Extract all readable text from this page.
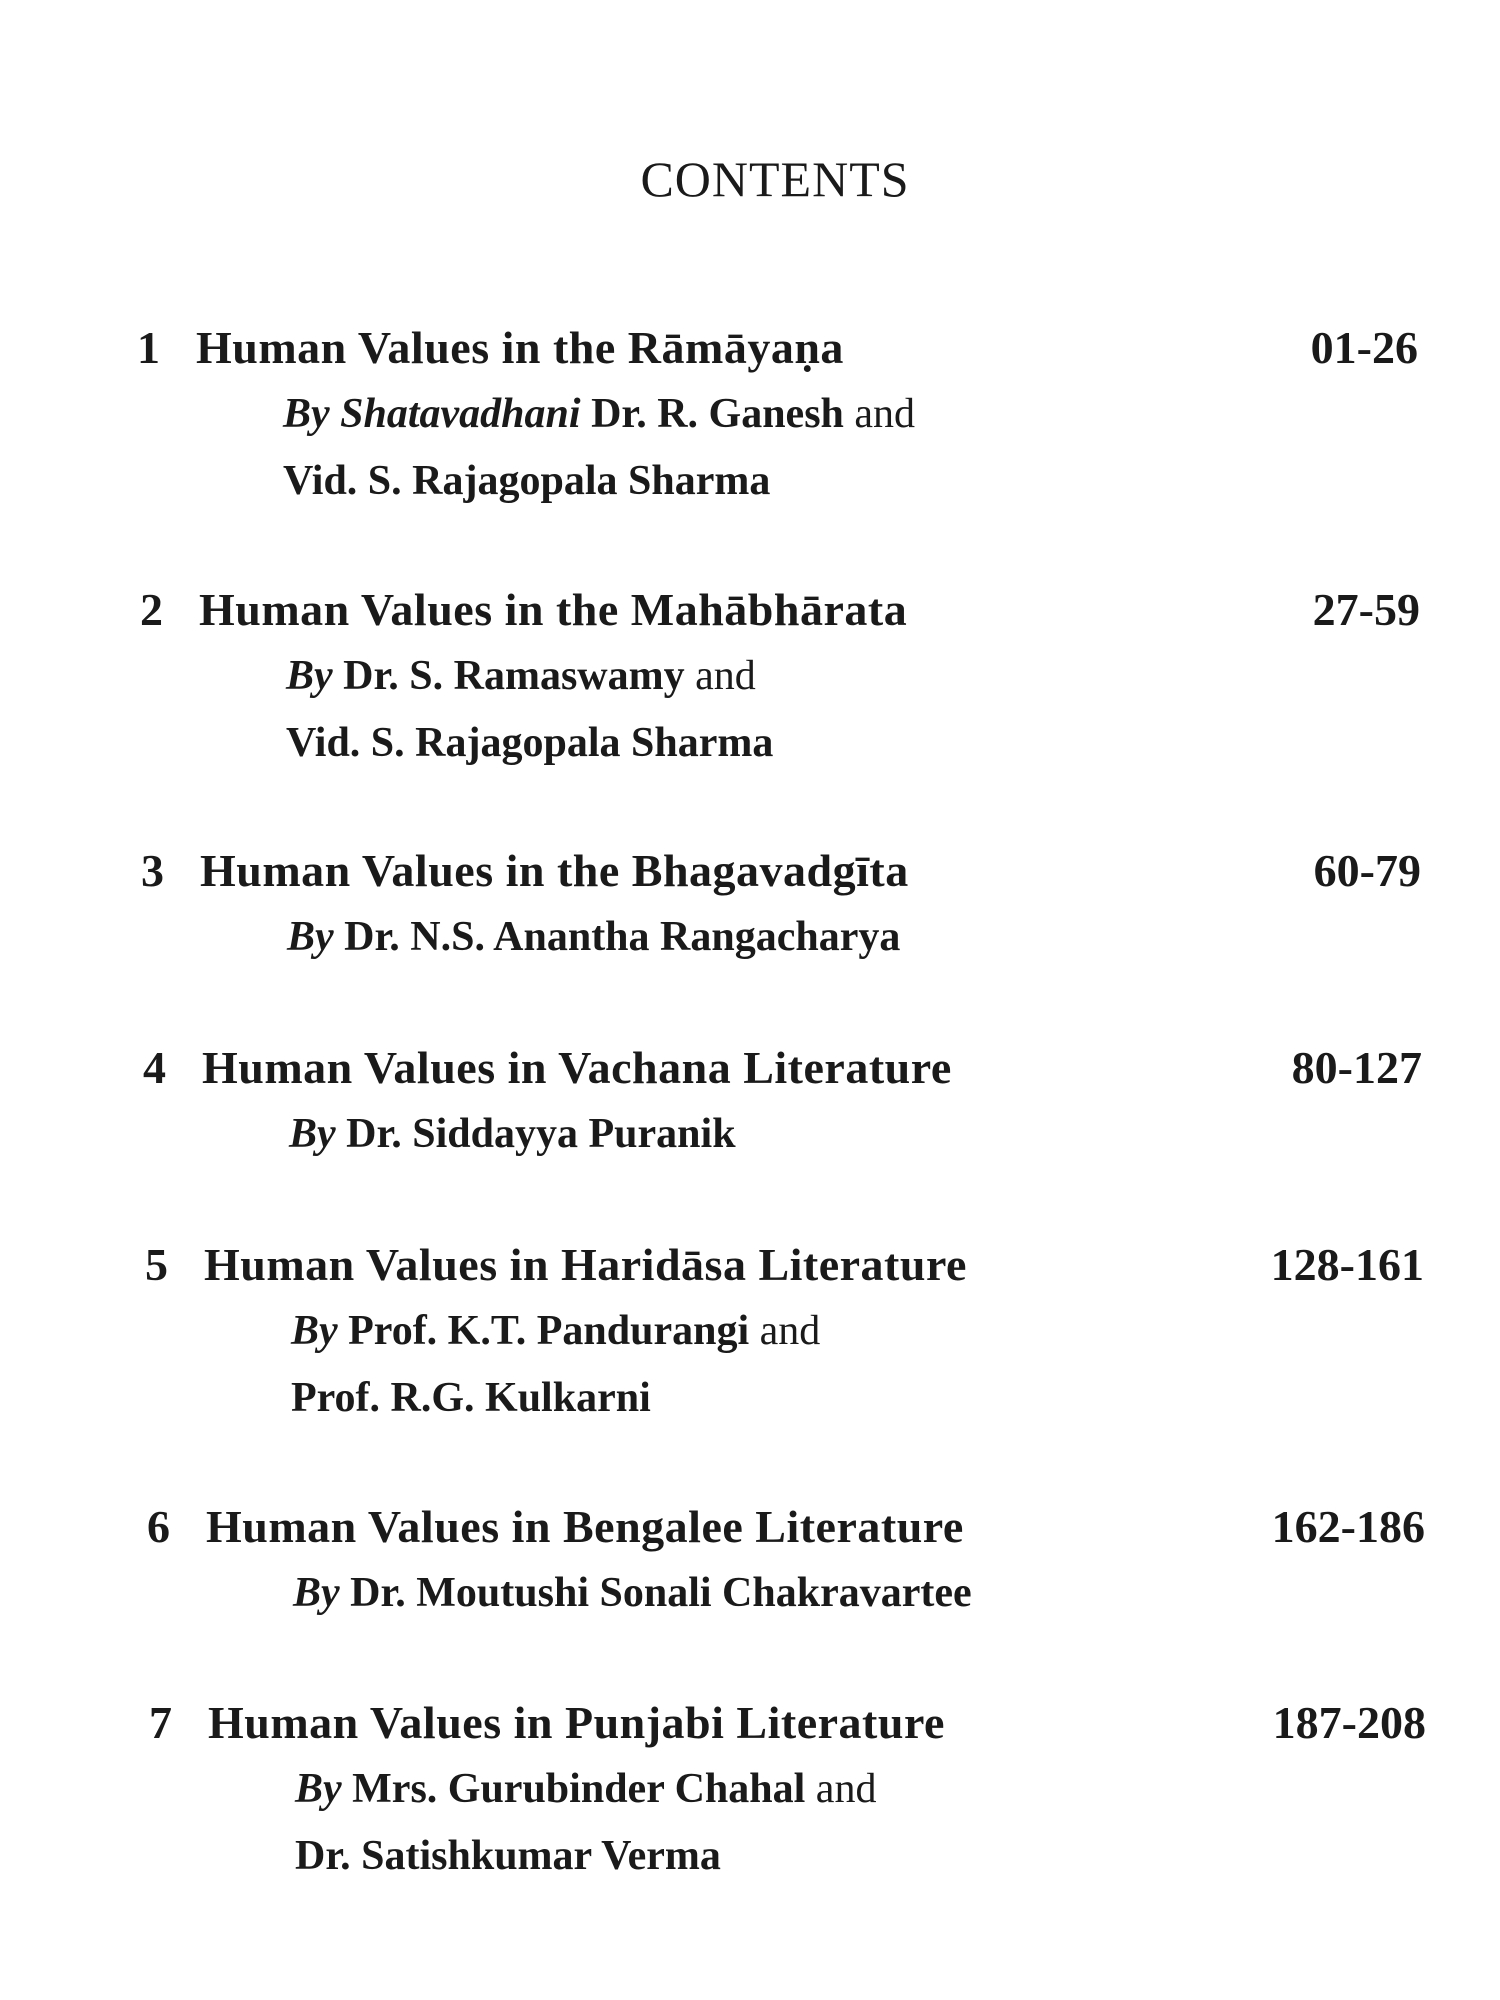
CONTENTS
1 Human Values in the Rāmāyaṇa	01-26
By Shatavadhani Dr. R. Ganesh and
Vid. S. Rajagopala Sharma
2 Human Values in the Mahābhārata	27-59
By Dr. S. Ramaswamy and
Vid. S. Rajagopala Sharma
3 Human Values in the Bhagavadgīta	60-79
By Dr. N.S. Anantha Rangacharya
4 Human Values in Vachana Literature	80-127
By Dr. Siddayya Puranik
5 Human Values in Haridāsa Literature	128-161
By Prof. K.T. Pandurangi and
Prof. R.G. Kulkarni
6 Human Values in Bengalee Literature	162-186
By Dr. Moutushi Sonali Chakravartee
7 Human Values in Punjabi Literature	187-208
By Mrs. Gurubinder Chahal and
Dr. Satishkumar Verma
